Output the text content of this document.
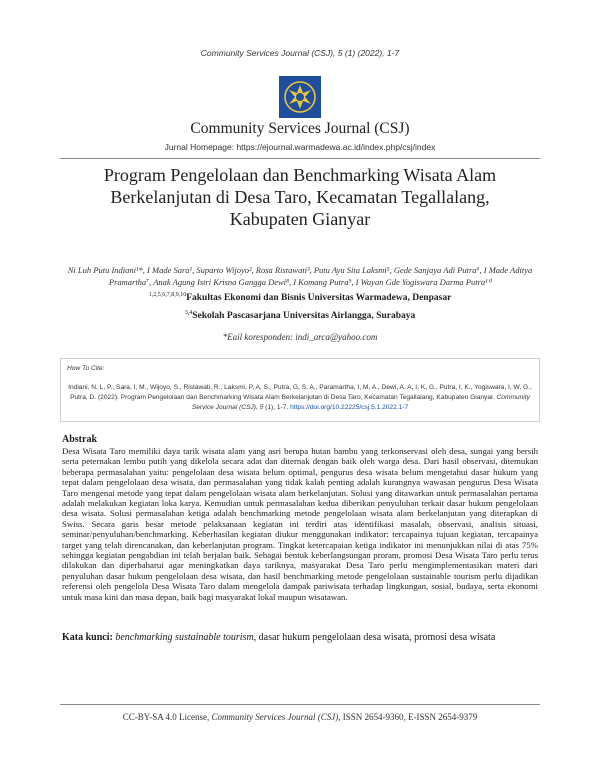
Community Services Journal (CSJ), 5 (1) (2022), 1-7
Community Services Journal (CSJ)
Jurnal Homepage: https://ejournal.warmadewa.ac.id/index.php/csj/index
Program Pengelolaan dan Benchmarking Wisata Alam Berkelanjutan di Desa Taro, Kecamatan Tegallalang, Kabupaten Gianyar
Ni Luh Putu Indiani¹*, I Made Sara¹, Suparto Wijoyo², Rosa Ristawati³, Putu Ayu Sita Laksmi⁵, Gede Sanjaya Adi Putra⁶, I Made Aditya Pramartha⁷, Anak Agung Istri Krisna Gangga Dewi⁸, I Komang Putra⁹, I Wayan Gde Yogiswara Darma Putra¹⁰
$^{1,2,5,6,7,8,9,10}$Fakultas Ekonomi dan Bisnis Universitas Warmadewa, Denpasar
$^{3,4}$Sekolah Pascasarjana Universitas Airlangga, Surabaya
*Eail koresponden: indi_arca@yahoo.com
How To Cite:
Indiani, N, L, P., Sara, I, M., Wijoyo, S., Ristawati, R., Laksmi, P, A, S., Putra, G, S, A., Paramartha, I, M, A., Dewi, A, A, I, K, G., Putra, I, K., Yogiswara, I, W, G., Putra, D. (2022). Program Pengelolaan dan Benchmarking Wisata Alam Berkelanjutan di Desa Taro, Kecamatan Tegallalang, Kabupaten Gianyar. Community Service Journal (CSJ), 5 (1), 1-7. https://doi.org/10.22225/csj.5.1.2022.1-7
Abstrak
Desa Wisata Taro memiliki daya tarik wisata alam yang asri berupa hutan bambu yang terkonservasi oleh desa, sungai yang bersih serta peternakan lembu putih yang dikelola secara adat dan diternak dengan baik oleh warga desa. Dari hasil observasi, ditemukan beberapa permasalahan yaitu: pengelolaan desa wisata belum optimal, pengurus desa wisata belum mengetahui dasar hukum yang tepat dalam pengelolaan desa wisata, dan permasalahan yang tidak kalah penting adalah kurangnya wawasan pengurus Desa Wisata Taro mengenai metode yang tepat dalam pengelolaan wisata alam berkelanjutan. Solusi yang ditawarkan untuk permasalahan pertama adalah melakukan kegiatan loka karya. Kemudian untuk permasalahan kedua diberikan penyuluhan terkait dasar hukum pengelolaan desa wisata. Solusi permasalahan ketiga adalah benchmarking metode pengelolaan wisata alam berkelanjutan yang diterapkan di Swiss. Secara garis besar metode pelaksanaan kegiatan ini terdiri atas identifikasi masalah, observasi, analisis situasi, seminar/penyuluhan/benchmarking. Keberhasilan kegiatan diukur menggunakan indikator: tercapainya tujuan kegiatan, tercapainya target yang telah direncanakan, dan keberlanjutan program. Tingkat ketercapaian ketiga indikator ini menunjukkan nilai di atas 75% sehingga kegiatan pengabdian ini telah berjalan baik. Sebagai bentuk keberlangsungan proram, promosi Desa Wisata Taro perlu terus dilakukan dan diperbaharui agar meningkatkan daya tariknya, masyarakat Desa Taro perlu mengimplementasikan materi dari penyuluhan dasar hukum pengelolaan desa wisata, dan hasil benchmarking metode pengelolaan sustainable tourism perlu dijadikan referensi oleh pengelola Desa Wisata Taro dalam mengelola dampak pariwisata terhadap lingkungan, sosial, budaya, serta ekonomi untuk masa kini dan masa depan, baik bagi masyarakat lokal maupun wisatawan.
Kata kunci: benchmarking sustainable tourism, dasar hukum pengelolaan desa wisata, promosi desa wisata
CC-BY-SA 4.0 License, Community Services Journal (CSJ), ISSN 2654-9360, E-ISSN 2654-9379
